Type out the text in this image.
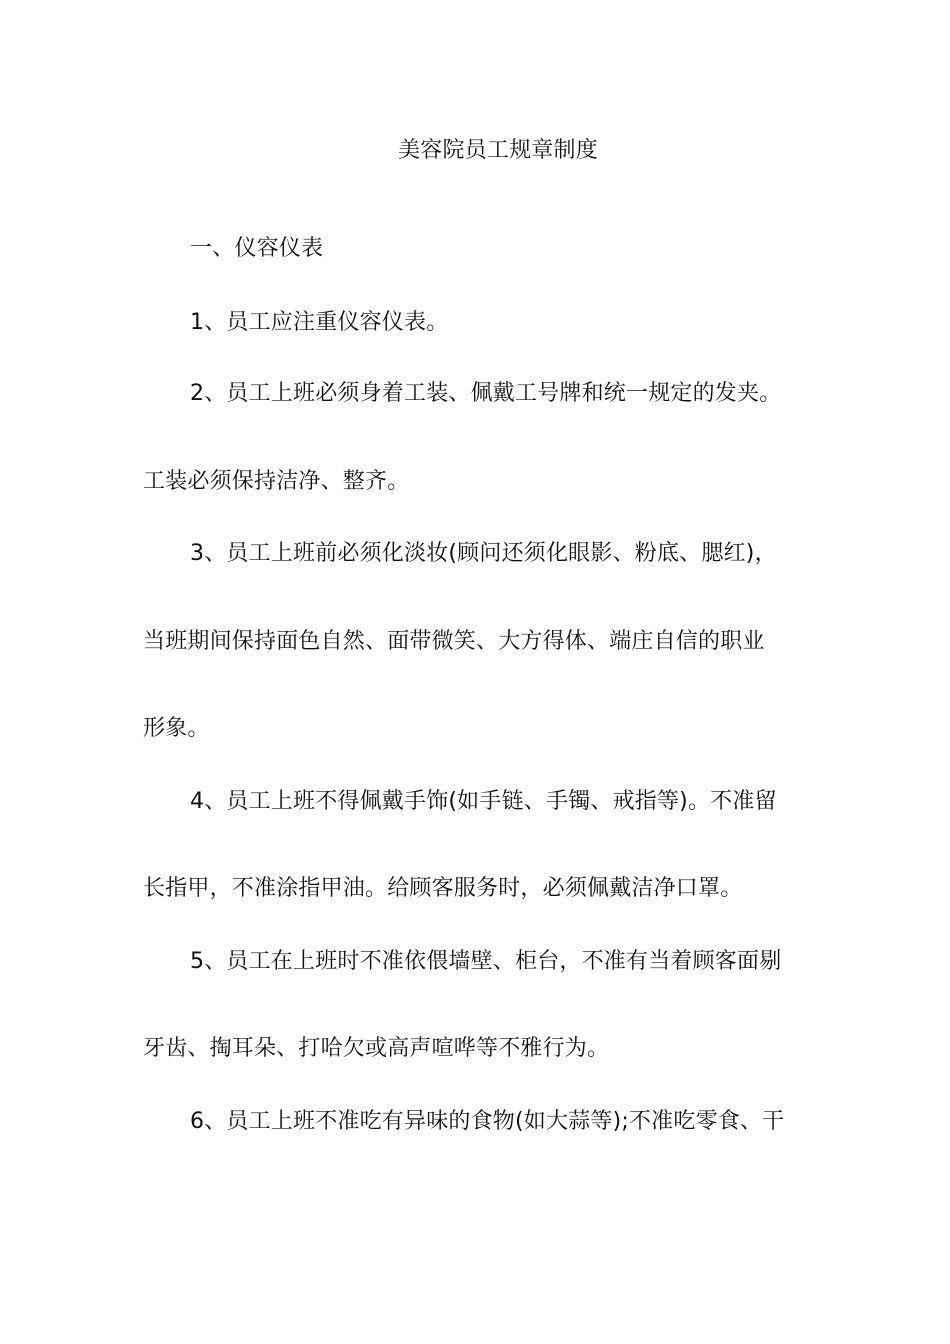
美容院员工规章制度
一、仪容仪表
1、员工应注重仪容仪表。
2、员工上班必须身着工装、佩戴工号牌和统一规定的发夹。
工装必须保持洁净、整齐。
3、员工上班前必须化淡妆(顾问还须化眼影、粉底、腮红)，
当班期间保持面色自然、面带微笑、大方得体、端庄自信的职业
形象。
4、员工上班不得佩戴手饰(如手链、手镯、戒指等)。不准留
长指甲，不准涂指甲油。给顾客服务时，必须佩戴洁净口罩。
5、员工在上班时不准依偎墙壁、柜台，不准有当着顾客面剔
牙齿、掏耳朵、打哈欠或高声喧哗等不雅行为。
6、员工上班不准吃有异味的食物(如大蒜等);不准吃零食、干
